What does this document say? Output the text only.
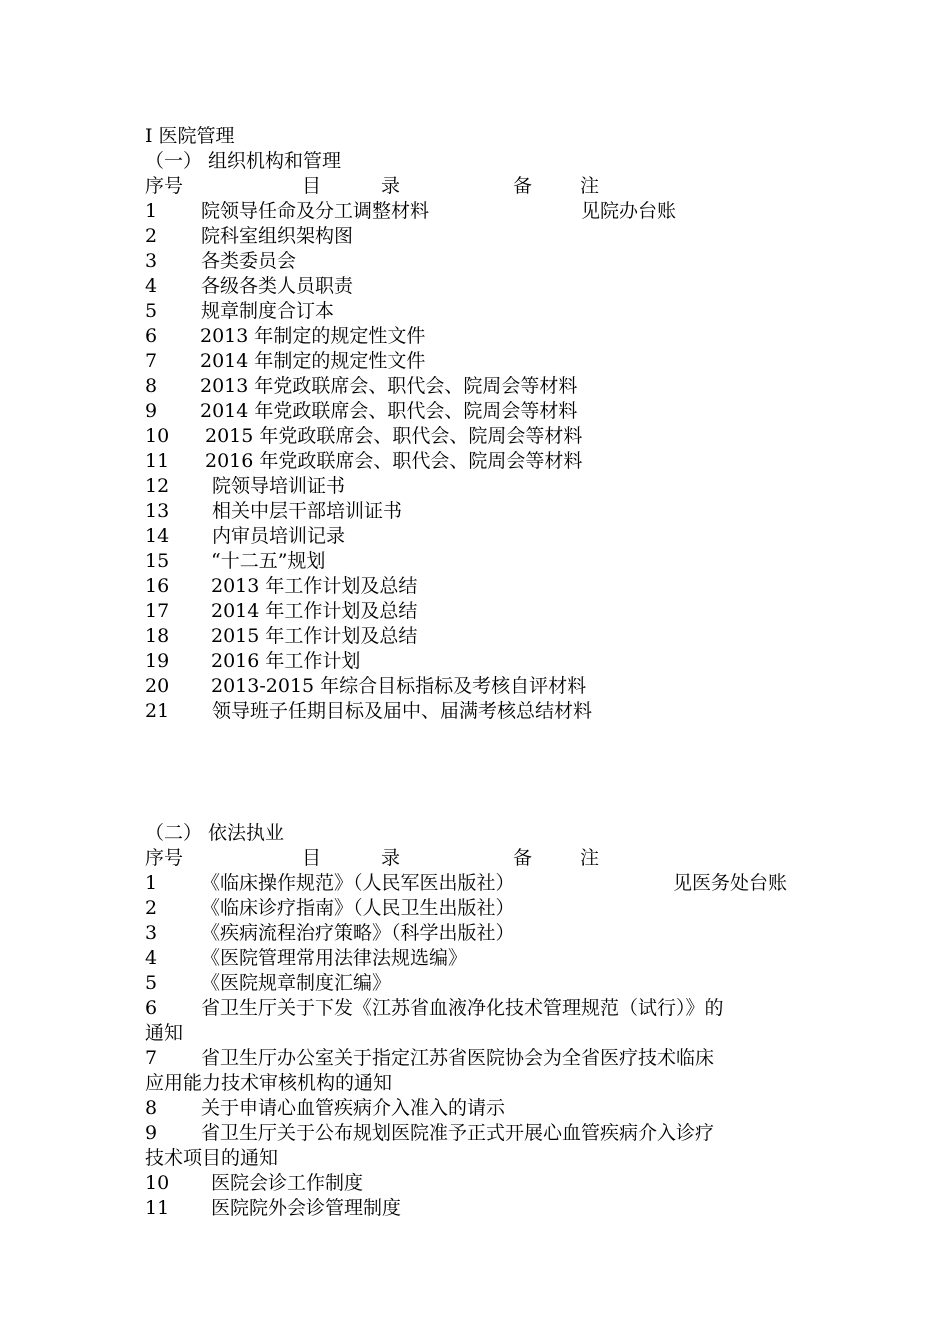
Ⅰ 医院管理
（一） 组织机构和管理
序号	目	录	备	注
1 院领导任命及分工调整材料	见院办台账
2 院科室组织架构图
3 各类委员会
4 各级各类人员职责
5 规章制度合订本
6 2013 年制定的规定性文件
7 2014 年制定的规定性文件
8 2013 年党政联席会、职代会、院周会等材料
9 2014 年党政联席会、职代会、院周会等材料
10 2015 年党政联席会、职代会、院周会等材料
11 2016 年党政联席会、职代会、院周会等材料
12 院领导培训证书
13 相关中层干部培训证书
14 内审员培训记录
15 “十二五”规划
16 2013 年工作计划及总结
17 2014 年工作计划及总结
18 2015 年工作计划及总结
19 2016 年工作计划
20 2013-2015 年综合目标指标及考核自评材料
21 领导班子任期目标及届中、届满考核总结材料
（二） 依法执业
序号	目	录	备	注
1 《临床操作规范》（人民军医出版社）	见医务处台账
2 《临床诊疗指南》（人民卫生出版社）
3 《疾病流程治疗策略》（科学出版社）
4 《医院管理常用法律法规选编》
5 《医院规章制度汇编》
6 省卫生厅关于下发《江苏省血液净化技术管理规范（试行）》的
通知
7 省卫生厅办公室关于指定江苏省医院协会为全省医疗技术临床
应用能力技术审核机构的通知
8 关于申请心血管疾病介入准入的请示
9 省卫生厅关于公布规划医院准予正式开展心血管疾病介入诊疗
技术项目的通知
10 医院会诊工作制度
11 医院院外会诊管理制度
